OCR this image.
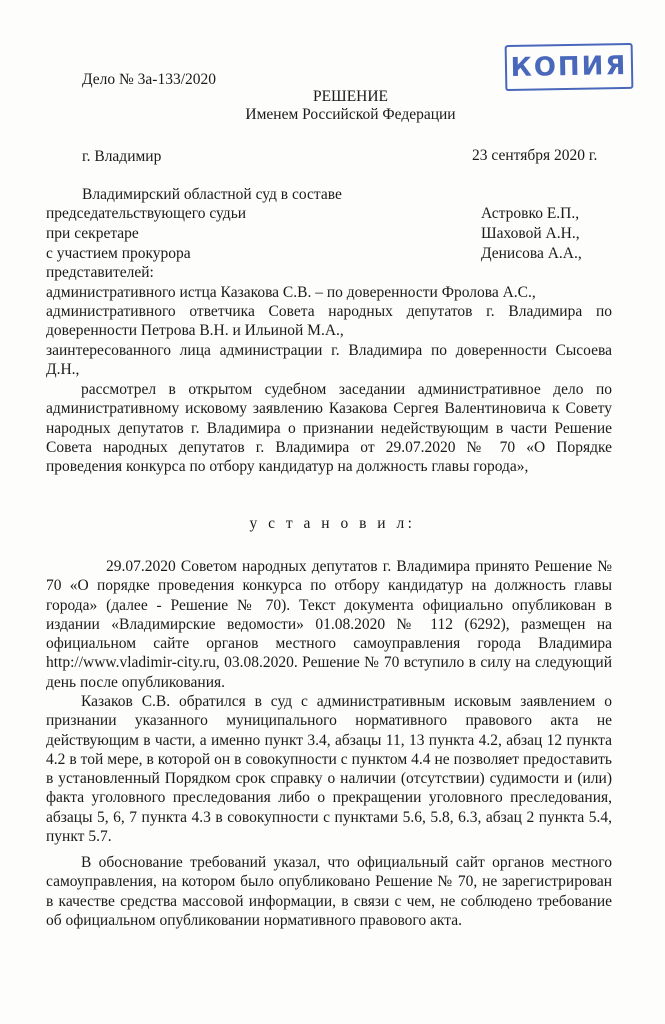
КОПИЯ
Дело № 3а-133/2020
РЕШЕНИЕ
Именем Российской Федерации
г. Владимир	23 сентября 2020 г.
Владимирский областной суд в составе
председательствующего судьи	Астровко Е.П.,
при секретаре	Шаховой А.Н.,
с участием прокурора	Денисова А.А.,
представителей:
административного истца Казакова С.В. – по доверенности Фролова А.С.,
административного ответчика Совета народных депутатов г. Владимира по доверенности Петрова В.Н. и Ильиной М.А.,
заинтересованного лица администрации г. Владимира по доверенности Сысоева Д.Н.,
рассмотрел в открытом судебном заседании административное дело по административному исковому заявлению Казакова Сергея Валентиновича к Совету народных депутатов г. Владимира о признании недействующим в части Решение Совета народных депутатов г. Владимира от 29.07.2020 № 70 «О Порядке проведения конкурса по отбору кандидатур на должность главы города»,
у с т а н о в и л:
29.07.2020 Советом народных депутатов г. Владимира принято Решение № 70 «О порядке проведения конкурса по отбору кандидатур на должность главы города» (далее - Решение № 70). Текст документа официально опубликован в издании «Владимирские ведомости» 01.08.2020 № 112 (6292), размещен на официальном сайте органов местного самоуправления города Владимира http://www.vladimir-city.ru, 03.08.2020. Решение № 70 вступило в силу на следующий день после опубликования.
Казаков С.В. обратился в суд с административным исковым заявлением о признании указанного муниципального нормативного правового акта не действующим в части, а именно пункт 3.4, абзацы 11, 13 пункта 4.2, абзац 12 пункта 4.2 в той мере, в которой он в совокупности с пунктом 4.4 не позволяет предоставить в установленный Порядком срок справку о наличии (отсутствии) судимости и (или) факта уголовного преследования либо о прекращении уголовного преследования, абзацы 5, 6, 7 пункта 4.3 в совокупности с пунктами 5.6, 5.8, 6.3, абзац 2 пункта 5.4, пункт 5.7.
В обоснование требований указал, что официальный сайт органов местного самоуправления, на котором было опубликовано Решение № 70, не зарегистрирован в качестве средства массовой информации, в связи с чем, не соблюдено требование об официальном опубликовании нормативного правового акта.
